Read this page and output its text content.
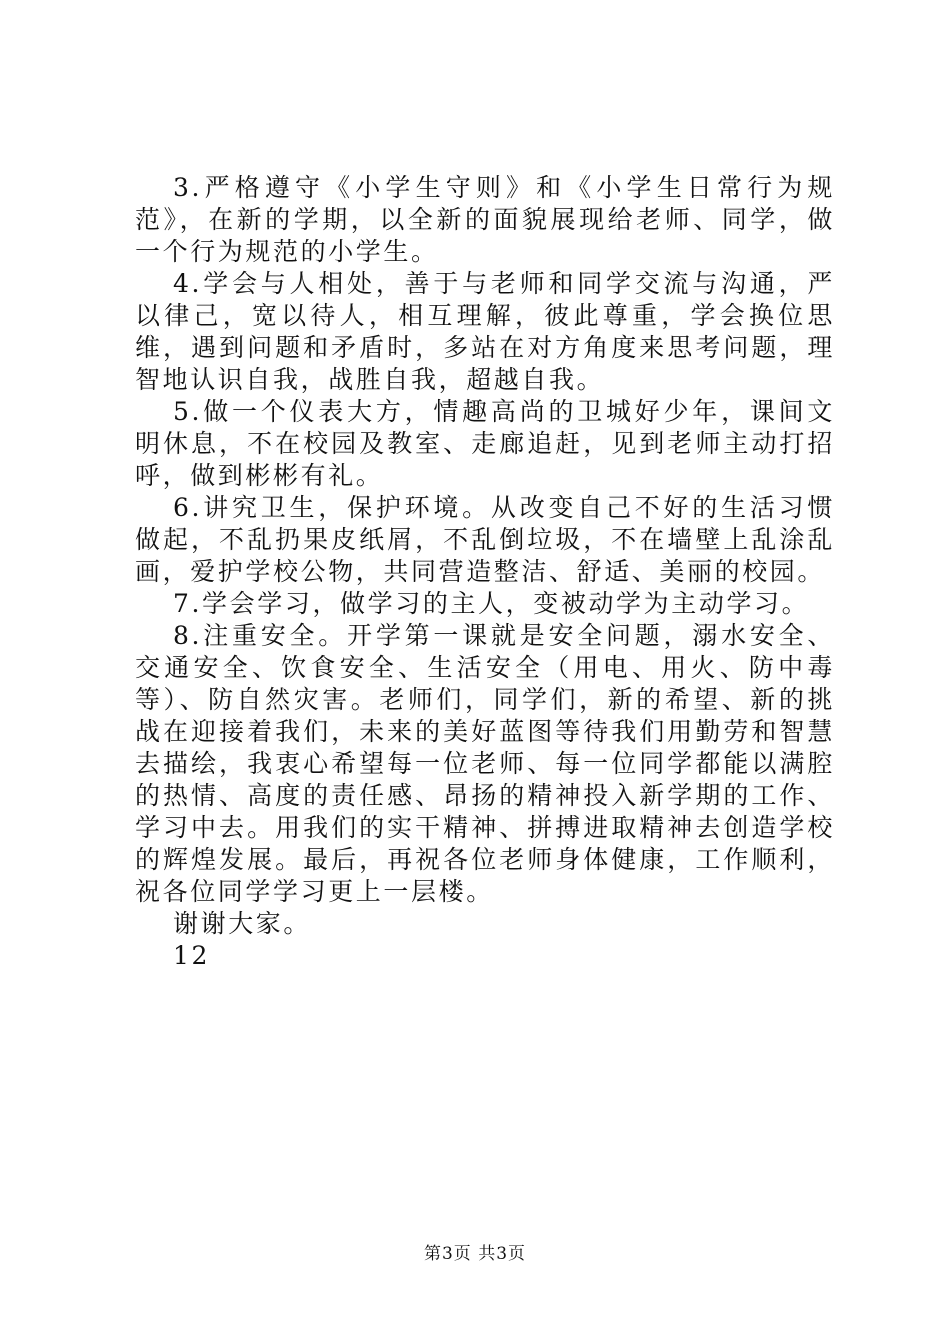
3.严格遵守《小学生守则》和《小学生日常行为规范》，在新的学期，以全新的面貌展现给老师、同学，做一个行为规范的小学生。

4.学会与人相处，善于与老师和同学交流与沟通，严以律己，宽以待人，相互理解，彼此尊重，学会换位思维，遇到问题和矛盾时，多站在对方角度来思考问题，理智地认识自我，战胜自我，超越自我。

5.做一个仪表大方，情趣高尚的卫城好少年，课间文明休息，不在校园及教室、走廊追赶，见到老师主动打招呼，做到彬彬有礼。

6.讲究卫生，保护环境。从改变自己不好的生活习惯做起，不乱扔果皮纸屑，不乱倒垃圾，不在墙壁上乱涂乱画，爱护学校公物，共同营造整洁、舒适、美丽的校园。

7.学会学习，做学习的主人，变被动学为主动学习。

8.注重安全。开学第一课就是安全问题，溺水安全、交通安全、饮食安全、生活安全（用电、用火、防中毒等）、防自然灾害。老师们，同学们，新的希望、新的挑战在迎接着我们，未来的美好蓝图等待我们用勤劳和智慧去描绘，我衷心希望每一位老师、每一位同学都能以满腔的热情、高度的责任感、昂扬的精神投入新学期的工作、学习中去。用我们的实干精神、拼搏进取精神去创造学校的辉煌发展。最后，再祝各位老师身体健康，工作顺利，祝各位同学学习更上一层楼。

谢谢大家。

12

第3页 共3页
